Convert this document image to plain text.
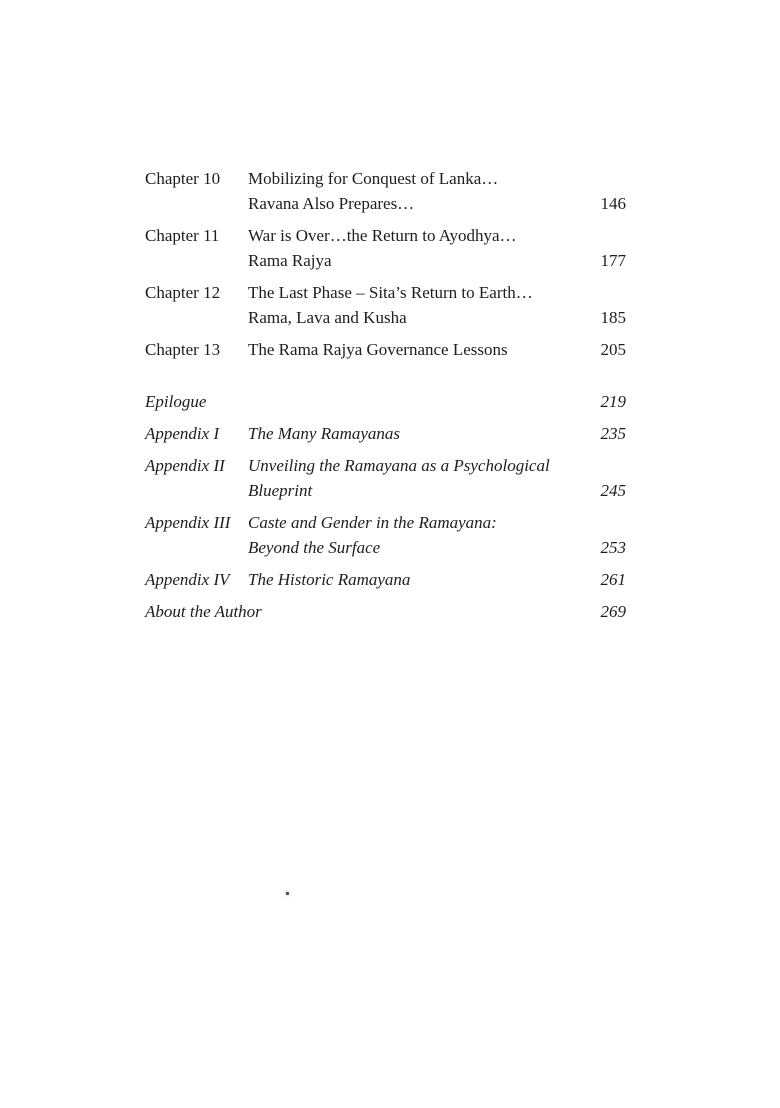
Chapter 10	Mobilizing for Conquest of Lanka…
Ravana Also Prepares…	146
Chapter 11	War is Over…the Return to Ayodhya…
Rama Rajya	177
Chapter 12	The Last Phase – Sita’s Return to Earth…
Rama, Lava and Kusha	185
Chapter 13	The Rama Rajya Governance Lessons	205
Epilogue	219
Appendix I	The Many Ramayanas	235
Appendix II	Unveiling the Ramayana as a Psychological
Blueprint	245
Appendix III	Caste and Gender in the Ramayana:
Beyond the Surface	253
Appendix IV	The Historic Ramayana	261
About the Author	269
